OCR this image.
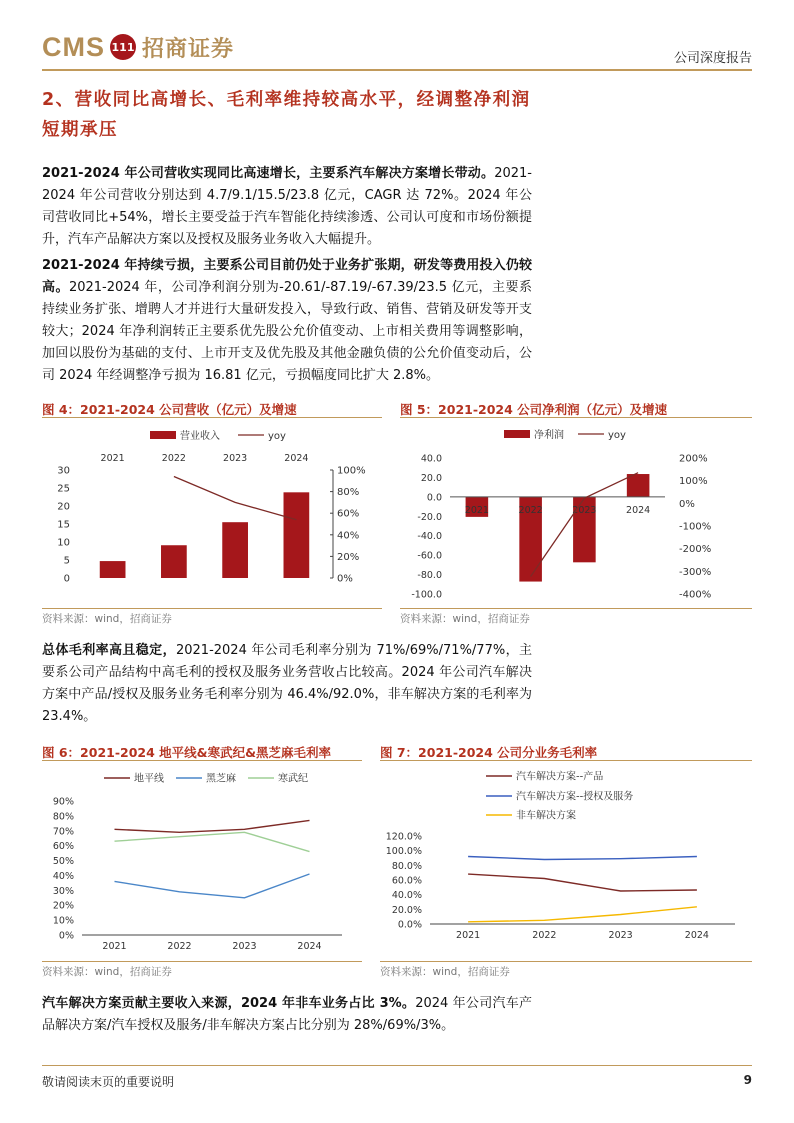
CMS 111 招商证券	公司深度报告
2、营收同比高增长、毛利率维持较高水平，经调整净利润
短期承压
2021-2024 年公司营收实现同比高速增长，主要系汽车解决方案增长带动。2021-2024 年公司营收分别达到 4.7/9.1/15.5/23.8 亿元，CAGR 达 72%。2024 年公司营收同比+54%，增长主要受益于汽车智能化持续渗透、公司认可度和市场份额提升，汽车产品解决方案以及授权及服务业务收入大幅提升。
2021-2024 年持续亏损，主要系公司目前仍处于业务扩张期，研发等费用投入仍较高。2021-2024 年，公司净利润分别为-20.61/-87.19/-67.39/23.5 亿元，主要系持续业务扩张、增聘人才并进行大量研发投入，导致行政、销售、营销及研发等开支较大；2024 年净利润转正主要系优先股公允价值变动、上市相关费用等调整影响，加回以股份为基础的支付、上市开支及优先股及其他金融负债的公允价值变动后，公司 2024 年经调整净亏损为 16.81 亿元，亏损幅度同比扩大 2.8%。
图 4：2021-2024 公司营收（亿元）及增速
营业收入	yoy
2021	2022	2023	2024
30
25
20
15
10
5
0
100%
80%
60%
40%
20%
0%
资料来源：wind，招商证券
图 5：2021-2024 公司净利润（亿元）及增速
净利润	yoy
40.0
20.0
0.0
-20.0
-40.0
-60.0
-80.0
-100.0
200%
100%
0%
-100%
-200%
-300%
-400%
2021	2022	2023	2024
资料来源：wind，招商证券
总体毛利率高且稳定，2021-2024 年公司毛利率分别为 71%/69%/71%/77%，主要系公司产品结构中高毛利的授权及服务业务营收占比较高。2024 年公司汽车解决方案中产品/授权及服务业务毛利率分别为 46.4%/92.0%，非车解决方案的毛利率为 23.4%。
图 6：2021-2024 地平线&寒武纪&黑芝麻毛利率
地平线	黑芝麻	寒武纪
90%
80%
70%
60%
50%
40%
30%
20%
10%
0%
2021	2022	2023	2024
资料来源：wind，招商证券
图 7：2021-2024 公司分业务毛利率
汽车解决方案--产品
汽车解决方案--授权及服务
非车解决方案
120.0%
100.0%
80.0%
60.0%
40.0%
20.0%
0.0%
2021	2022	2023	2024
资料来源：wind，招商证券
汽车解决方案贡献主要收入来源，2024 年非车业务占比 3%。2024 年公司汽车产品解决方案/汽车授权及服务/非车解决方案占比分别为 28%/69%/3%。
敬请阅读末页的重要说明	9
